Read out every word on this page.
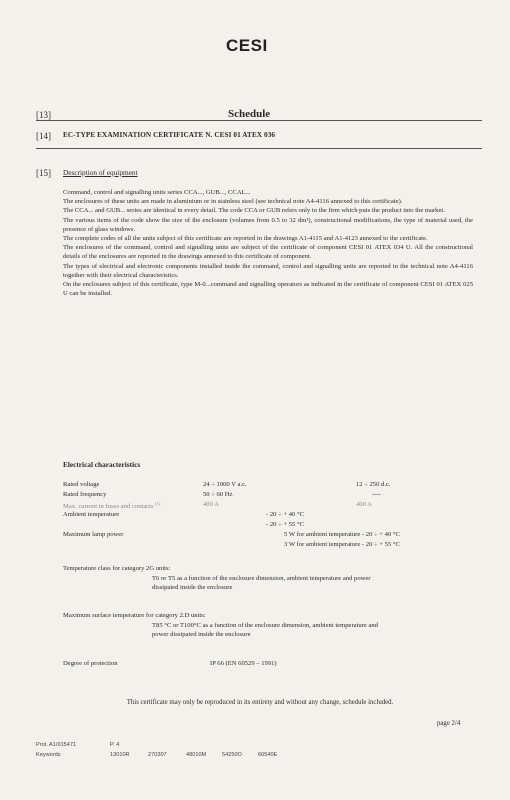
CESI
[13]	Schedule
[14] EC-TYPE EXAMINATION CERTIFICATE N. CESI 01 ATEX 036
[15] Description of equipment
Command, control and signalling units series CCA..., GUB..., CCAL...
The enclosures of these units are made in aluminium or in stainless steel (see technical note A4-4116 annexed to this certificate).
The CCA... and GUB... series are identical in every detail. The code CCA or GUB refers only to the firm which puts the product into the market.
The various items of the code show the size of the enclosure (volumes from 0.5 to 32 dm³), constructional modifications, the type of material used, the presence of glass windows.
The complete codes of all the units subject of this certificate are reported in the drawings A1-4115 and A1-4123 annexed to the certificate.
The enclosures of the command, control and signalling units are subject of the certificate of component CESI 01 ATEX 034 U. All the constructional details of the enclosures are reported in the drawings annexed to this certificate of component.
The types of electrical and electronic components installed inside the command, control and signalling units are reported in the technical note A4-4116 together with their electrical characteristics.
On the enclosures subject of this certificate, type M-0...command and signalling operators as indicated in the certificate of component CESI 01 ATEX 025 U can be installed.
Electrical characteristics
Rated voltage	24 ÷ 1000 V a.c.	12 ÷ 250 d.c.
Rated frequency	50 ÷ 60 Hz	----
Max. current in fuses and contacts $^{(1)}$	400 A	400 A
Ambient temperature	- 20 ÷ + 40 °C
- 20 ÷ + 55 °C
Maximum lamp power	5 W for ambient temperature - 20 ÷ + 40 °C
3 W for ambient temperature - 20 ÷ + 55 °C
Temperature class for category 2G units:
T6 or T5 as a function of the enclosure dimension, ambient temperature and power
dissipated inside the enclosure
Maximum surface temperature for category 2.D units:
T85 °C or T100°C as a function of the enclosure dimension, ambient temperature and
power dissipated inside the enclosure
Degree of protection	IP 66 (EN 60529 – 1991)
This certificate may only be reproduced in its entirety and without any change, schedule included.
page 2/4
Prot. A1/015471	P. 4
Keywords	13010R	270307	48010M	54250O	66540E
